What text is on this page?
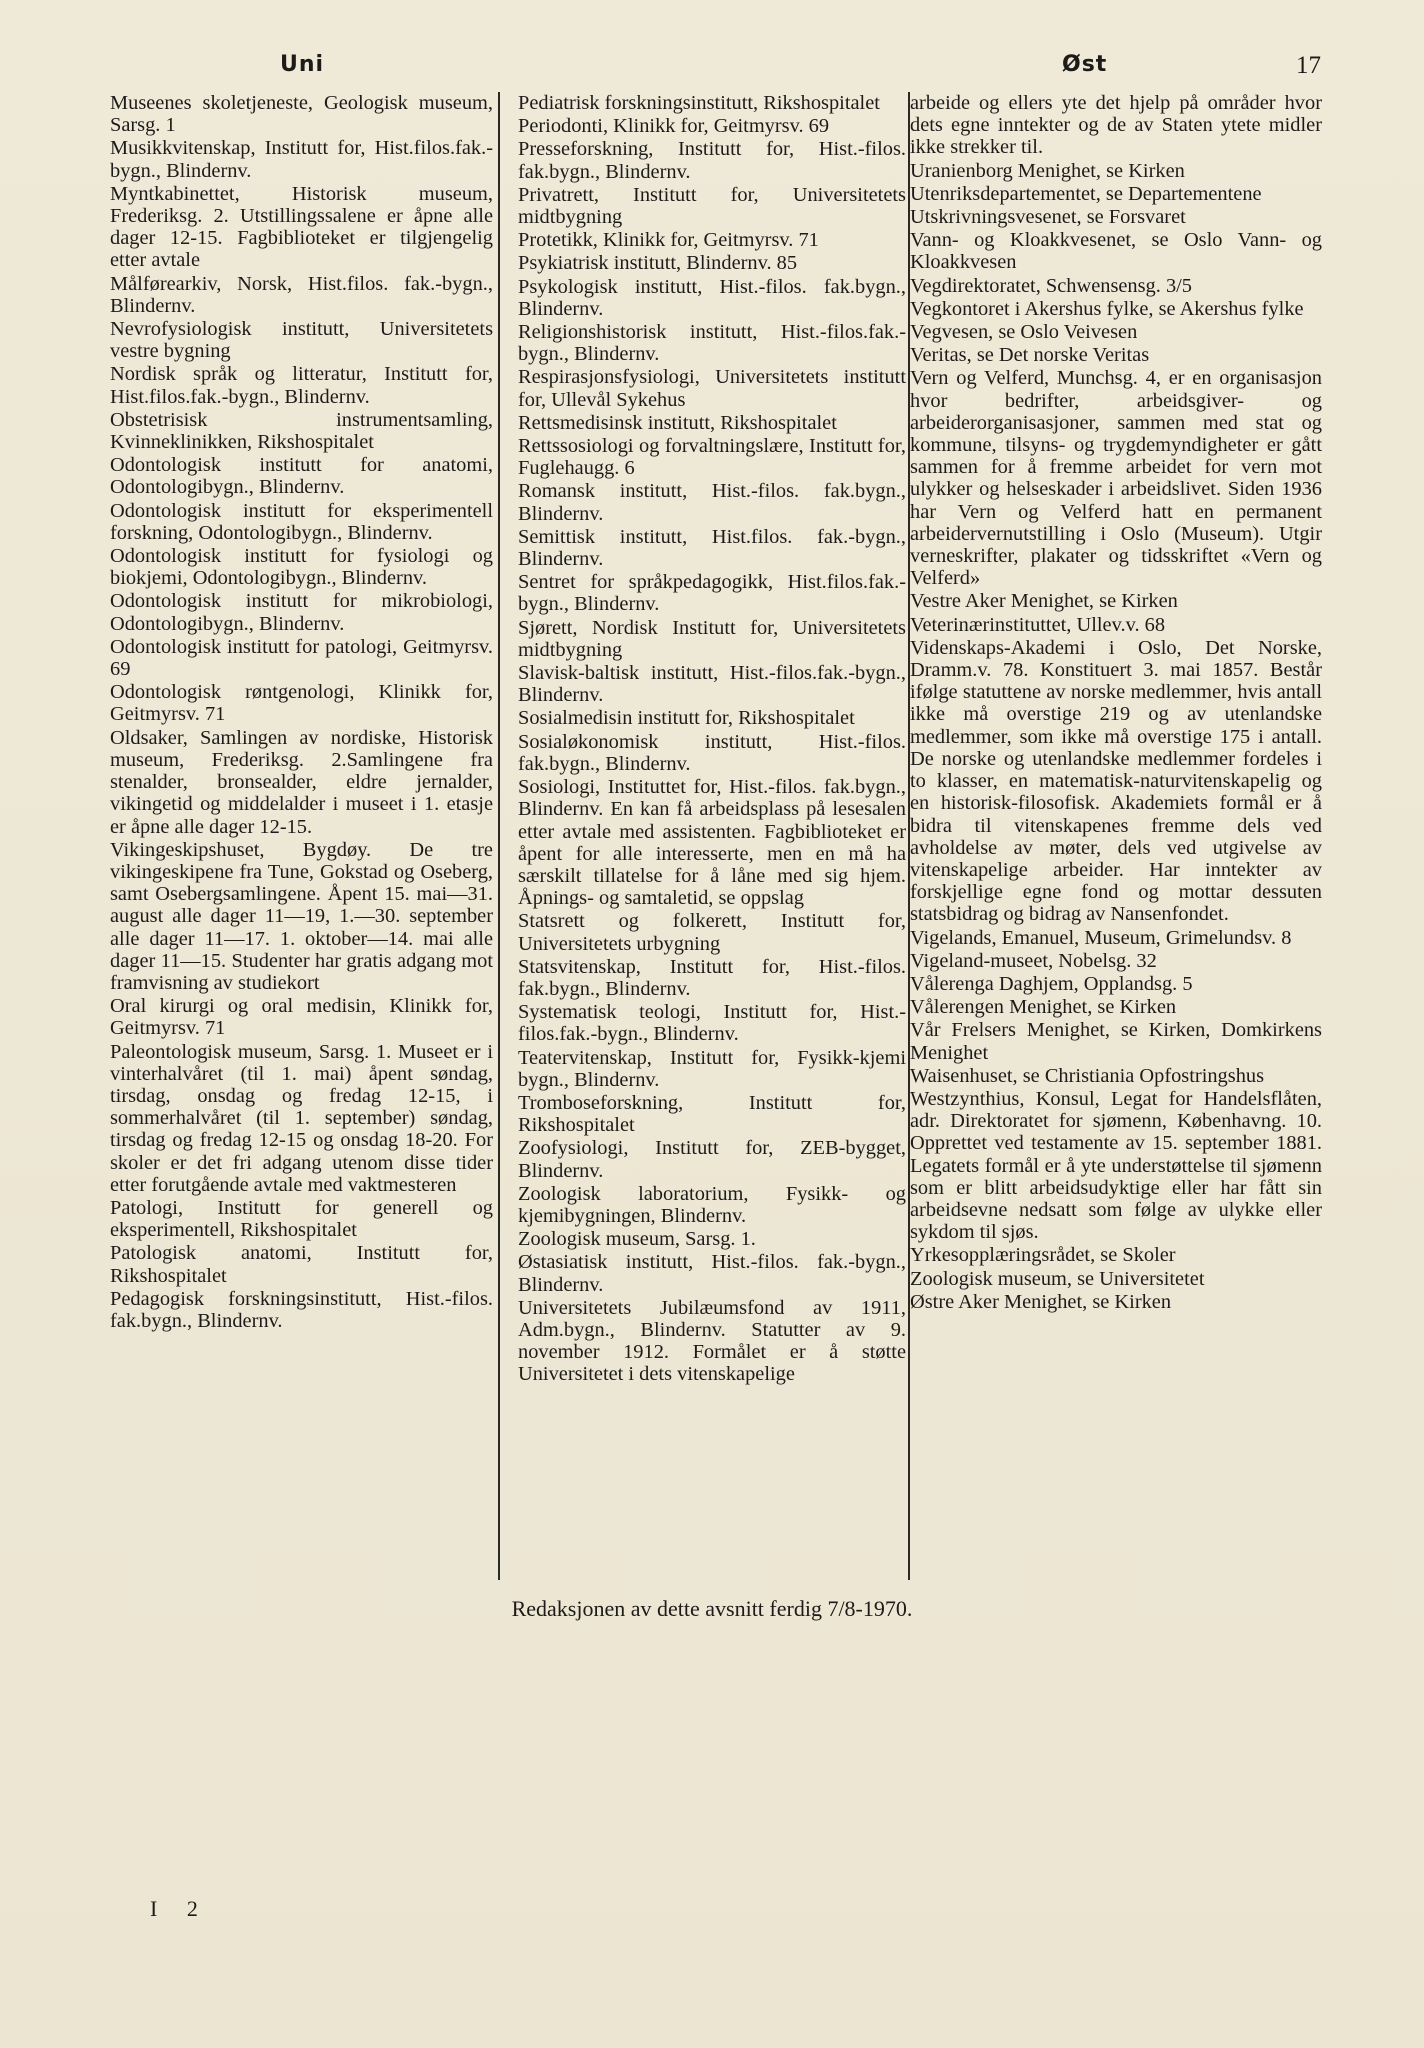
Uni	Øst	17
Museenes skoletjeneste, Geologisk museum, Sarsg. 1
Musikkvitenskap, Institutt for, Hist.filos.fak.-bygn., Blindernv.
Myntkabinettet, Historisk museum, Frederiksg. 2. Utstillingssalene er åpne alle dager 12-15. Fagbiblioteket er tilgjengelig etter avtale
Målførearkiv, Norsk, Hist.filos. fak.-bygn., Blindernv.
Nevrofysiologisk institutt, Universitetets vestre bygning
Nordisk språk og litteratur, Institutt for, Hist.filos.fak.-bygn., Blindernv.
Obstetrisisk instrumentsamling, Kvinneklinikken, Rikshospitalet
Odontologisk institutt for anatomi, Odontologibygn., Blindernv.
Odontologisk institutt for eksperimentell forskning, Odontologibygn., Blindernv.
Odontologisk institutt for fysiologi og biokjemi, Odontologibygn., Blindernv.
Odontologisk institutt for mikrobiologi, Odontologibygn., Blindernv.
Odontologisk institutt for patologi, Geitmyrsv. 69
Odontologisk røntgenologi, Klinikk for, Geitmyrsv. 71
Oldsaker, Samlingen av nordiske, Historisk museum, Frederiksg. 2.Samlingene fra stenalder, bronsealder, eldre jernalder, vikingetid og middelalder i museet i 1. etasje er åpne alle dager 12-15.
Vikingeskipshuset, Bygdøy. De tre vikingeskipene fra Tune, Gokstad og Oseberg, samt Osebergsamlingene. Åpent 15. mai—31. august alle dager 11—19, 1.—30. september alle dager 11—17. 1. oktober—14. mai alle dager 11—15. Studenter har gratis adgang mot framvisning av studiekort
Oral kirurgi og oral medisin, Klinikk for, Geitmyrsv. 71
Paleontologisk museum, Sarsg. 1. Museet er i vinterhalvåret (til 1. mai) åpent søndag, tirsdag, onsdag og fredag 12-15, i sommerhalvåret (til 1. september) søndag, tirsdag og fredag 12-15 og onsdag 18-20. For skoler er det fri adgang utenom disse tider etter forutgående avtale med vaktmesteren
Patologi, Institutt for generell og eksperimentell, Rikshospitalet
Patologisk anatomi, Institutt for, Rikshospitalet
Pedagogisk forskningsinstitutt, Hist.-filos. fak.bygn., Blindernv.
Pediatrisk forskningsinstitutt, Rikshospitalet
Periodonti, Klinikk for, Geitmyrsv. 69
Presseforskning, Institutt for, Hist.-filos. fak.bygn., Blindernv.
Privatrett, Institutt for, Universitetets midtbygning
Protetikk, Klinikk for, Geitmyrsv. 71
Psykiatrisk institutt, Blindernv. 85
Psykologisk institutt, Hist.-filos. fak.bygn., Blindernv.
Religionshistorisk institutt, Hist.-filos.fak.-bygn., Blindernv.
Respirasjonsfysiologi, Universitetets institutt for, Ullevål Sykehus
Rettsmedisinsk institutt, Rikshospitalet
Rettssosiologi og forvaltningslære, Institutt for, Fuglehaugg. 6
Romansk institutt, Hist.-filos. fak.bygn., Blindernv.
Semittisk institutt, Hist.filos. fak.-bygn., Blindernv.
Sentret for språkpedagogikk, Hist.filos.fak.-bygn., Blindernv.
Sjørett, Nordisk Institutt for, Universitetets midtbygning
Slavisk-baltisk institutt, Hist.-filos.fak.-bygn., Blindernv.
Sosialmedisin institutt for, Rikshospitalet
Sosialøkonomisk institutt, Hist.-filos. fak.bygn., Blindernv.
Sosiologi, Instituttet for, Hist.-filos. fak.bygn., Blindernv. En kan få arbeidsplass på lesesalen etter avtale med assistenten. Fagbiblioteket er åpent for alle interesserte, men en må ha særskilt tillatelse for å låne med sig hjem. Åpnings- og samtaletid, se oppslag
Statsrett og folkerett, Institutt for, Universitetets urbygning
Statsvitenskap, Institutt for, Hist.-filos. fak.bygn., Blindernv.
Systematisk teologi, Institutt for, Hist.-filos.fak.-bygn., Blindernv.
Teatervitenskap, Institutt for, Fysikk-kjemi bygn., Blindernv.
Tromboseforskning, Institutt for, Rikshospitalet
Zoofysiologi, Institutt for, ZEB-bygget, Blindernv.
Zoologisk laboratorium, Fysikk- og kjemibygningen, Blindernv.
Zoologisk museum, Sarsg. 1.
Østasiatisk institutt, Hist.-filos. fak.-bygn., Blindernv.
Universitetets Jubilæumsfond av 1911, Adm.bygn., Blindernv. Statutter av 9. november 1912. Formålet er å støtte Universitetet i dets vitenskapelige
arbeide og ellers yte det hjelp på områder hvor dets egne inntekter og de av Staten ytete midler ikke strekker til.
Uranienborg Menighet, se Kirken
Utenriksdepartementet, se Departementene
Utskrivningsvesenet, se Forsvaret
Vann- og Kloakkvesenet, se Oslo Vann- og Kloakkvesen
Vegdirektoratet, Schwensensg. 3/5
Vegkontoret i Akershus fylke, se Akershus fylke
Vegvesen, se Oslo Veivesen
Veritas, se Det norske Veritas
Vern og Velferd, Munchsg. 4, er en organisasjon hvor bedrifter, arbeidsgiver- og arbeiderorganisasjoner, sammen med stat og kommune, tilsyns- og trygdemyndigheter er gått sammen for å fremme arbeidet for vern mot ulykker og helseskader i arbeidslivet. Siden 1936 har Vern og Velferd hatt en permanent arbeidervernutstilling i Oslo (Museum). Utgir verneskrifter, plakater og tidsskriftet «Vern og Velferd»
Vestre Aker Menighet, se Kirken
Veterinærinstituttet, Ullev.v. 68
Videnskaps-Akademi i Oslo, Det Norske, Dramm.v. 78. Konstituert 3. mai 1857. Består ifølge statuttene av norske medlemmer, hvis antall ikke må overstige 219 og av utenlandske medlemmer, som ikke må overstige 175 i antall. De norske og utenlandske medlemmer fordeles i to klasser, en matematisk-naturvitenskapelig og en historisk-filosofisk. Akademiets formål er å bidra til vitenskapenes fremme dels ved avholdelse av møter, dels ved utgivelse av vitenskapelige arbeider. Har inntekter av forskjellige egne fond og mottar dessuten statsbidrag og bidrag av Nansenfondet.
Vigelands, Emanuel, Museum, Grimelundsv. 8
Vigeland-museet, Nobelsg. 32
Vålerenga Daghjem, Opplandsg. 5
Vålerengen Menighet, se Kirken
Vår Frelsers Menighet, se Kirken, Domkirkens Menighet
Waisenhuset, se Christiania Opfostringshus
Westzynthius, Konsul, Legat for Handelsflåten, adr. Direktoratet for sjømenn, Københavng. 10. Opprettet ved testamente av 15. september 1881. Legatets formål er å yte understøttelse til sjømenn som er blitt arbeidsudyktige eller har fått sin arbeidsevne nedsatt som følge av ulykke eller sykdom til sjøs.
Yrkesopplæringsrådet, se Skoler
Zoologisk museum, se Universitetet
Østre Aker Menighet, se Kirken
Redaksjonen av dette avsnitt ferdig 7/8-1970.
I 2
